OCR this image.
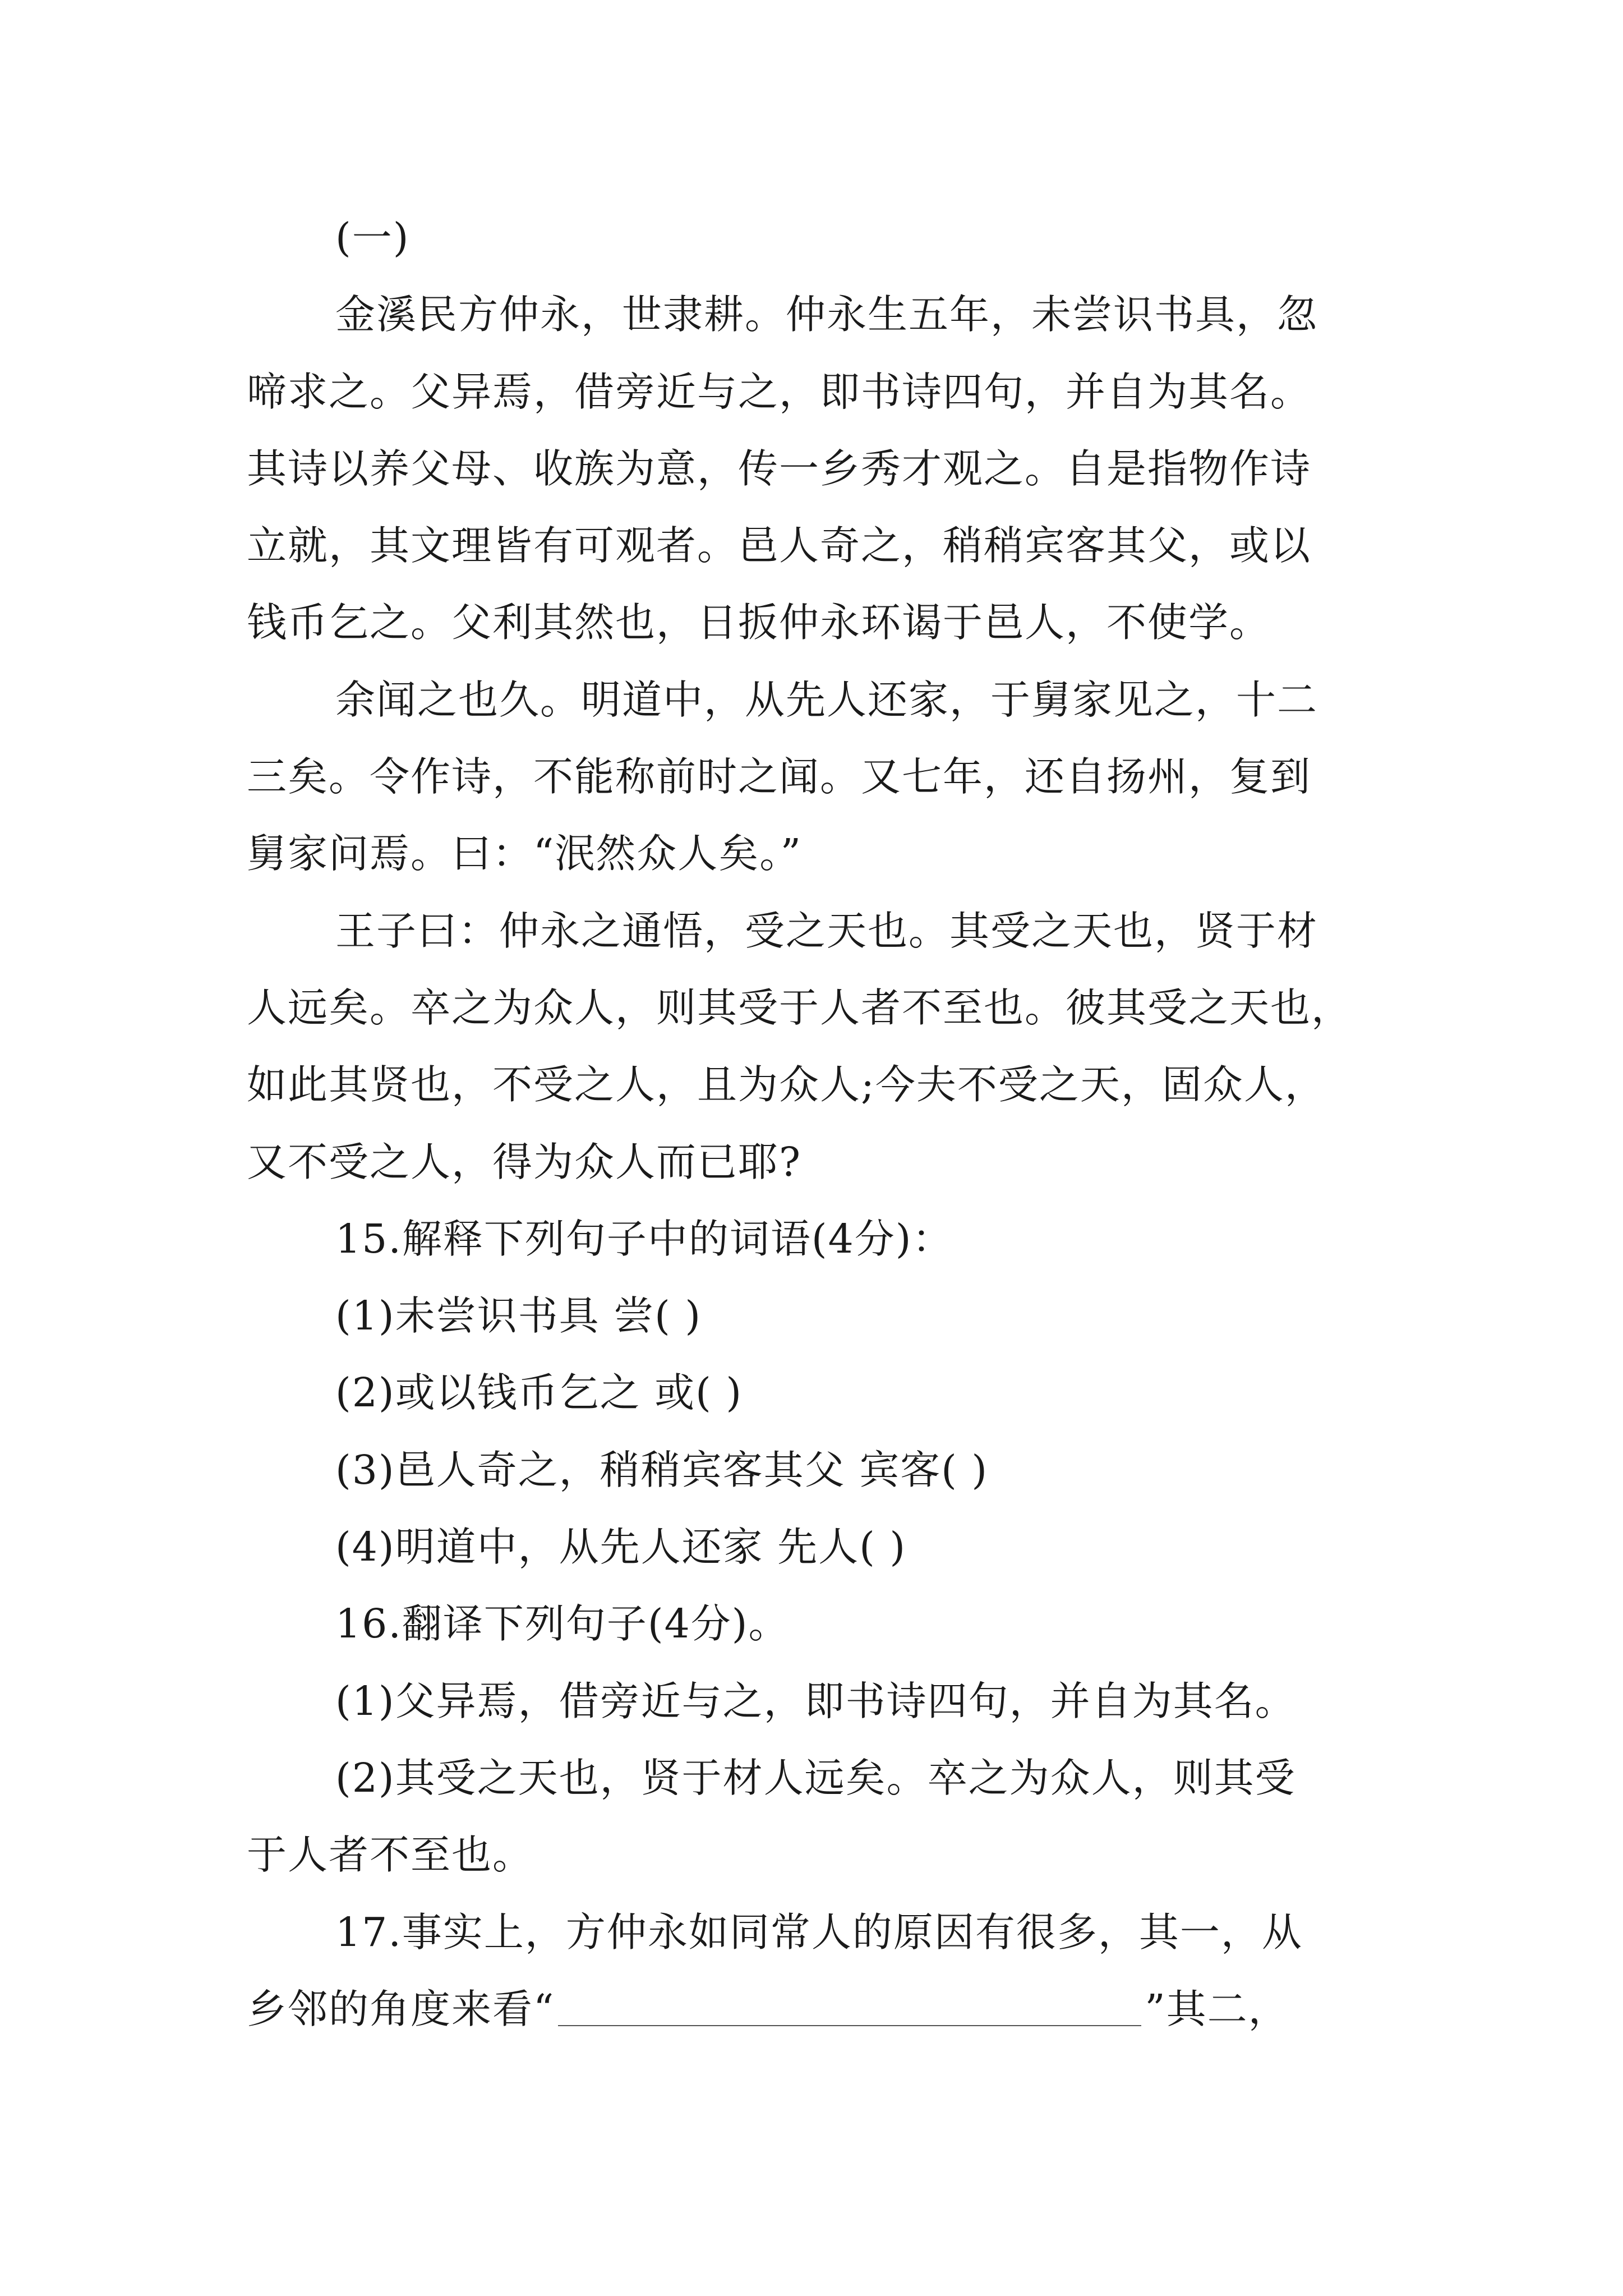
(一)
金溪民方仲永，世隶耕。仲永生五年，未尝识书具，忽
啼求之。父异焉，借旁近与之，即书诗四句，并自为其名。
其诗以养父母、收族为意，传一乡秀才观之。自是指物作诗
立就，其文理皆有可观者。邑人奇之，稍稍宾客其父，或以
钱币乞之。父利其然也，日扳仲永环谒于邑人，不使学。
余闻之也久。明道中，从先人还家，于舅家见之，十二
三矣。令作诗，不能称前时之闻。又七年，还自扬州，复到
舅家问焉。曰：“泯然众人矣。”
王子曰：仲永之通悟，受之天也。其受之天也，贤于材
人远矣。卒之为众人，则其受于人者不至也。彼其受之天也，
如此其贤也，不受之人，且为众人;今夫不受之天，固众人，
又不受之人，得为众人而已耶?
15.解释下列句子中的词语(4分)：
(1)未尝识书具 尝( )
(2)或以钱币乞之 或( )
(3)邑人奇之，稍稍宾客其父 宾客( )
(4)明道中，从先人还家 先人( )
16.翻译下列句子(4分)。
(1)父异焉，借旁近与之，即书诗四句，并自为其名。
(2)其受之天也，贤于材人远矣。卒之为众人，则其受
于人者不至也。
17.事实上，方仲永如同常人的原因有很多，其一，从
乡邻的角度来看“	”其二，
